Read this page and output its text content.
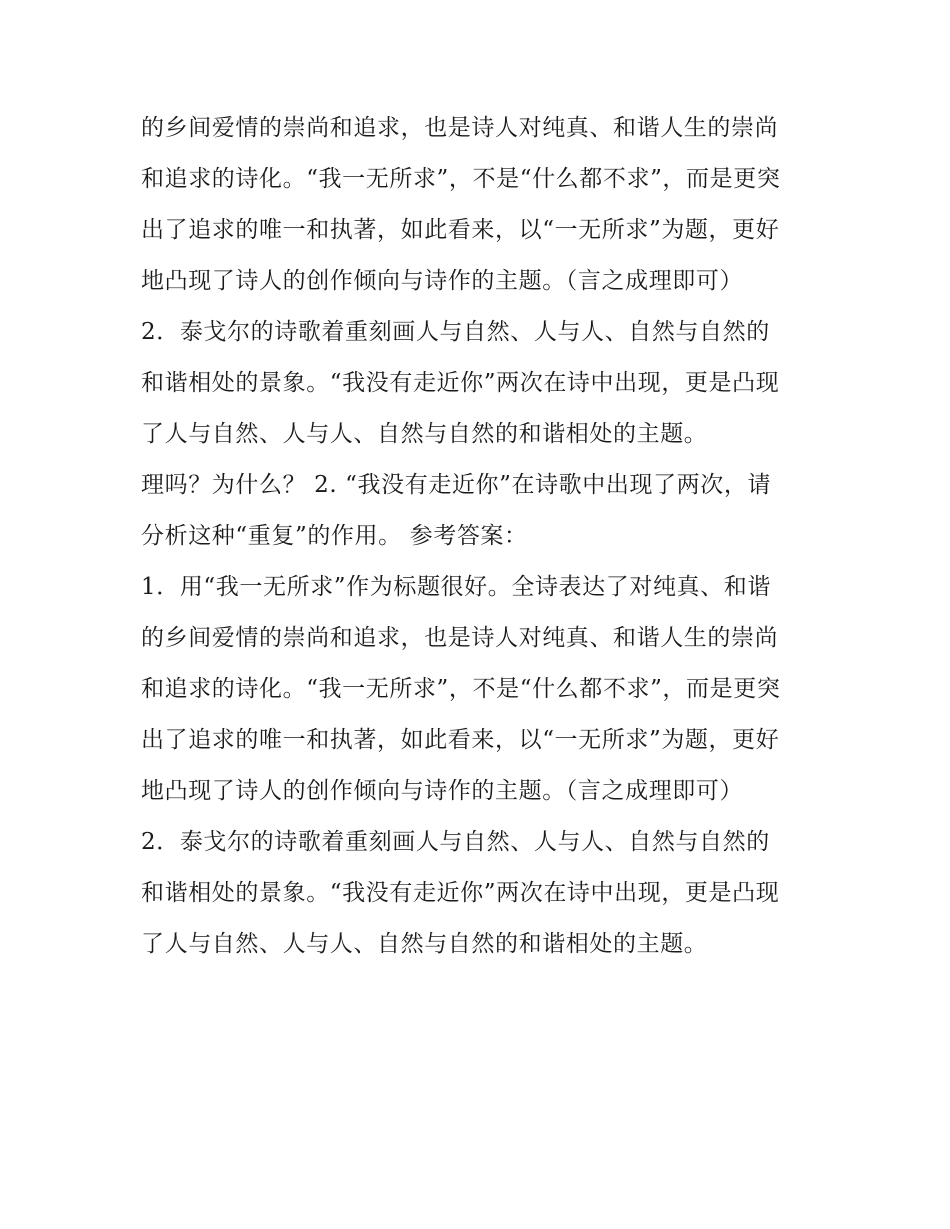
的乡间爱情的崇尚和追求，也是诗人对纯真、和谐人生的崇尚
和追求的诗化。“我一无所求”，不是“什么都不求”，而是更突
出了追求的唯一和执著，如此看来，以“一无所求”为题，更好
地凸现了诗人的创作倾向与诗作的主题。（言之成理即可）
2．泰戈尔的诗歌着重刻画人与自然、人与人、自然与自然的
和谐相处的景象。“我没有走近你”两次在诗中出现，更是凸现
了人与自然、人与人、自然与自然的和谐相处的主题。
理吗？为什么？ 2. “我没有走近你”在诗歌中出现了两次，请
分析这种“重复”的作用。 参考答案：
1．用“我一无所求”作为标题很好。全诗表达了对纯真、和谐
的乡间爱情的崇尚和追求，也是诗人对纯真、和谐人生的崇尚
和追求的诗化。“我一无所求”，不是“什么都不求”，而是更突
出了追求的唯一和执著，如此看来，以“一无所求”为题，更好
地凸现了诗人的创作倾向与诗作的主题。（言之成理即可）
2．泰戈尔的诗歌着重刻画人与自然、人与人、自然与自然的
和谐相处的景象。“我没有走近你”两次在诗中出现，更是凸现
了人与自然、人与人、自然与自然的和谐相处的主题。
